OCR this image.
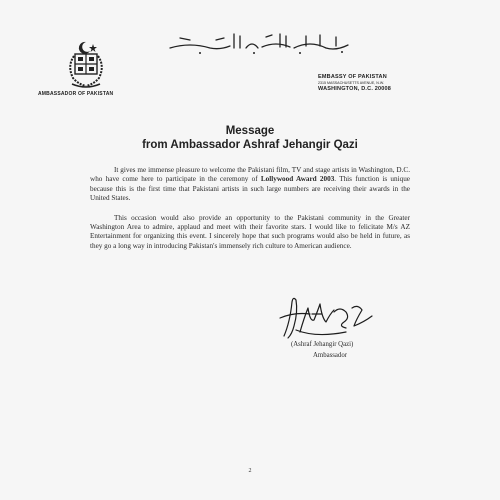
AMBASSADOR OF PAKISTAN
EMBASSY OF PAKISTAN
2315 MASSACHUSETTS AVENUE, N.W.
WASHINGTON, D.C. 20008
Message
from Ambassador Ashraf Jehangir Qazi

It gives me immense pleasure to welcome the Pakistani film, TV and stage artists in Washington, D.C. who have come here to participate in the ceremony of Lollywood Award 2003. This function is unique because this is the first time that Pakistani artists in such large numbers are receiving their awards in the United States.

This occasion would also provide an opportunity to the Pakistani community in the Greater Washington Area to admire, applaud and meet with their favorite stars. I would like to felicitate M/s AZ Entertainment for organizing this event. I sincerely hope that such programs would also be held in future, as they go a long way in introducing Pakistan's immensely rich culture to American audience.

(Ashraf Jehangir Qazi)
Ambassador
2
